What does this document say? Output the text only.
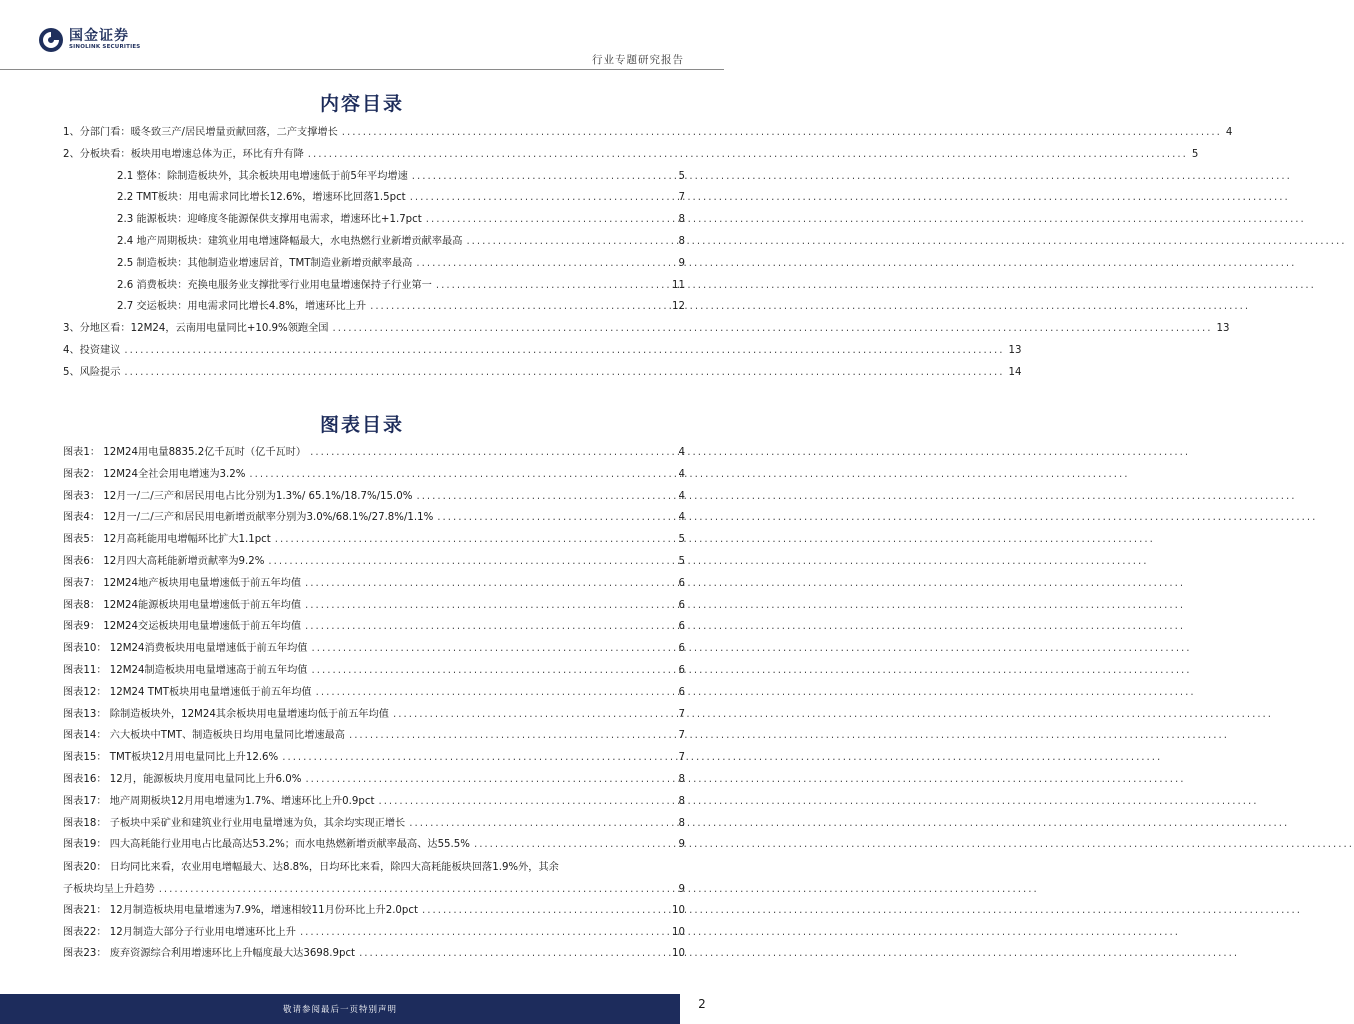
国金证券
SINOLINK SECURITIES
行业专题研究报告
内容目录
1、分部门看：暖冬致三产/居民增量贡献回落，二产支撑增长 .....	4
2、分板块看：板块用电增速总体为正，环比有升有降 .....	5
2.1 整体：除制造板块外，其余板块用电增速低于前5年平均增速 .....	5
2.2 TMT板块：用电需求同比增长12.6%，增速环比回落1.5pct .....	7
2.3 能源板块：迎峰度冬能源保供支撑用电需求，增速环比+1.7pct .....	8
2.4 地产周期板块：建筑业用电增速降幅最大，水电热燃行业新增贡献率最高 .....	8
2.5 制造板块：其他制造业增速居首，TMT制造业新增贡献率最高 .....	9
2.6 消费板块：充换电服务业支撑批零行业用电量增速保持子行业第一 .....	11
2.7 交运板块：用电需求同比增长4.8%，增速环比上升 .....	12
3、分地区看：12M24，云南用电量同比+10.9%领跑全国 .....	13
4、投资建议 .....	13
5、风险提示 .....	14
图表目录
图表1： 12M24用电量8835.2亿千瓦时（亿千瓦时） .....	4
图表2： 12M24全社会用电增速为3.2% .....	4
图表3： 12月一/二/三产和居民用电占比分别为1.3%/ 65.1%/18.7%/15.0% .....	4
图表4： 12月一/二/三产和居民用电新增贡献率分别为3.0%/68.1%/27.8%/1.1% .....	4
图表5： 12月高耗能用电增幅环比扩大1.1pct .....	5
图表6： 12月四大高耗能新增贡献率为9.2% .....	5
图表7： 12M24地产板块用电量增速低于前五年均值 .....	6
图表8： 12M24能源板块用电量增速低于前五年均值 .....	6
图表9： 12M24交运板块用电量增速低于前五年均值 .....	6
图表10： 12M24消费板块用电量增速低于前五年均值 .....	6
图表11： 12M24制造板块用电量增速高于前五年均值 .....	6
图表12： 12M24 TMT板块用电量增速低于前五年均值 .....	6
图表13： 除制造板块外，12M24其余板块用电量增速均低于前五年均值 .....	7
图表14： 六大板块中TMT、制造板块日均用电量同比增速最高 .....	7
图表15： TMT板块12月用电量同比上升12.6% .....	7
图表16： 12月，能源板块月度用电量同比上升6.0% .....	8
图表17： 地产周期板块12月用电增速为1.7%、增速环比上升0.9pct .....	8
图表18： 子板块中采矿业和建筑业行业用电量增速为负，其余均实现正增长 .....	8
图表19： 四大高耗能行业用电占比最高达53.2%；而水电热燃新增贡献率最高、达55.5% .....	9
图表20： 日均同比来看，农业用电增幅最大、达8.8%，日均环比来看，除四大高耗能板块回落1.9%外，其余
子板块均呈上升趋势 .....	9
图表21： 12月制造板块用电量增速为7.9%，增速相较11月份环比上升2.0pct .....	10
图表22： 12月制造大部分子行业用电增速环比上升 .....	10
图表23： 废弃资源综合利用增速环比上升幅度最大达3698.9pct .....	10
敬请参阅最后一页特别声明	2
